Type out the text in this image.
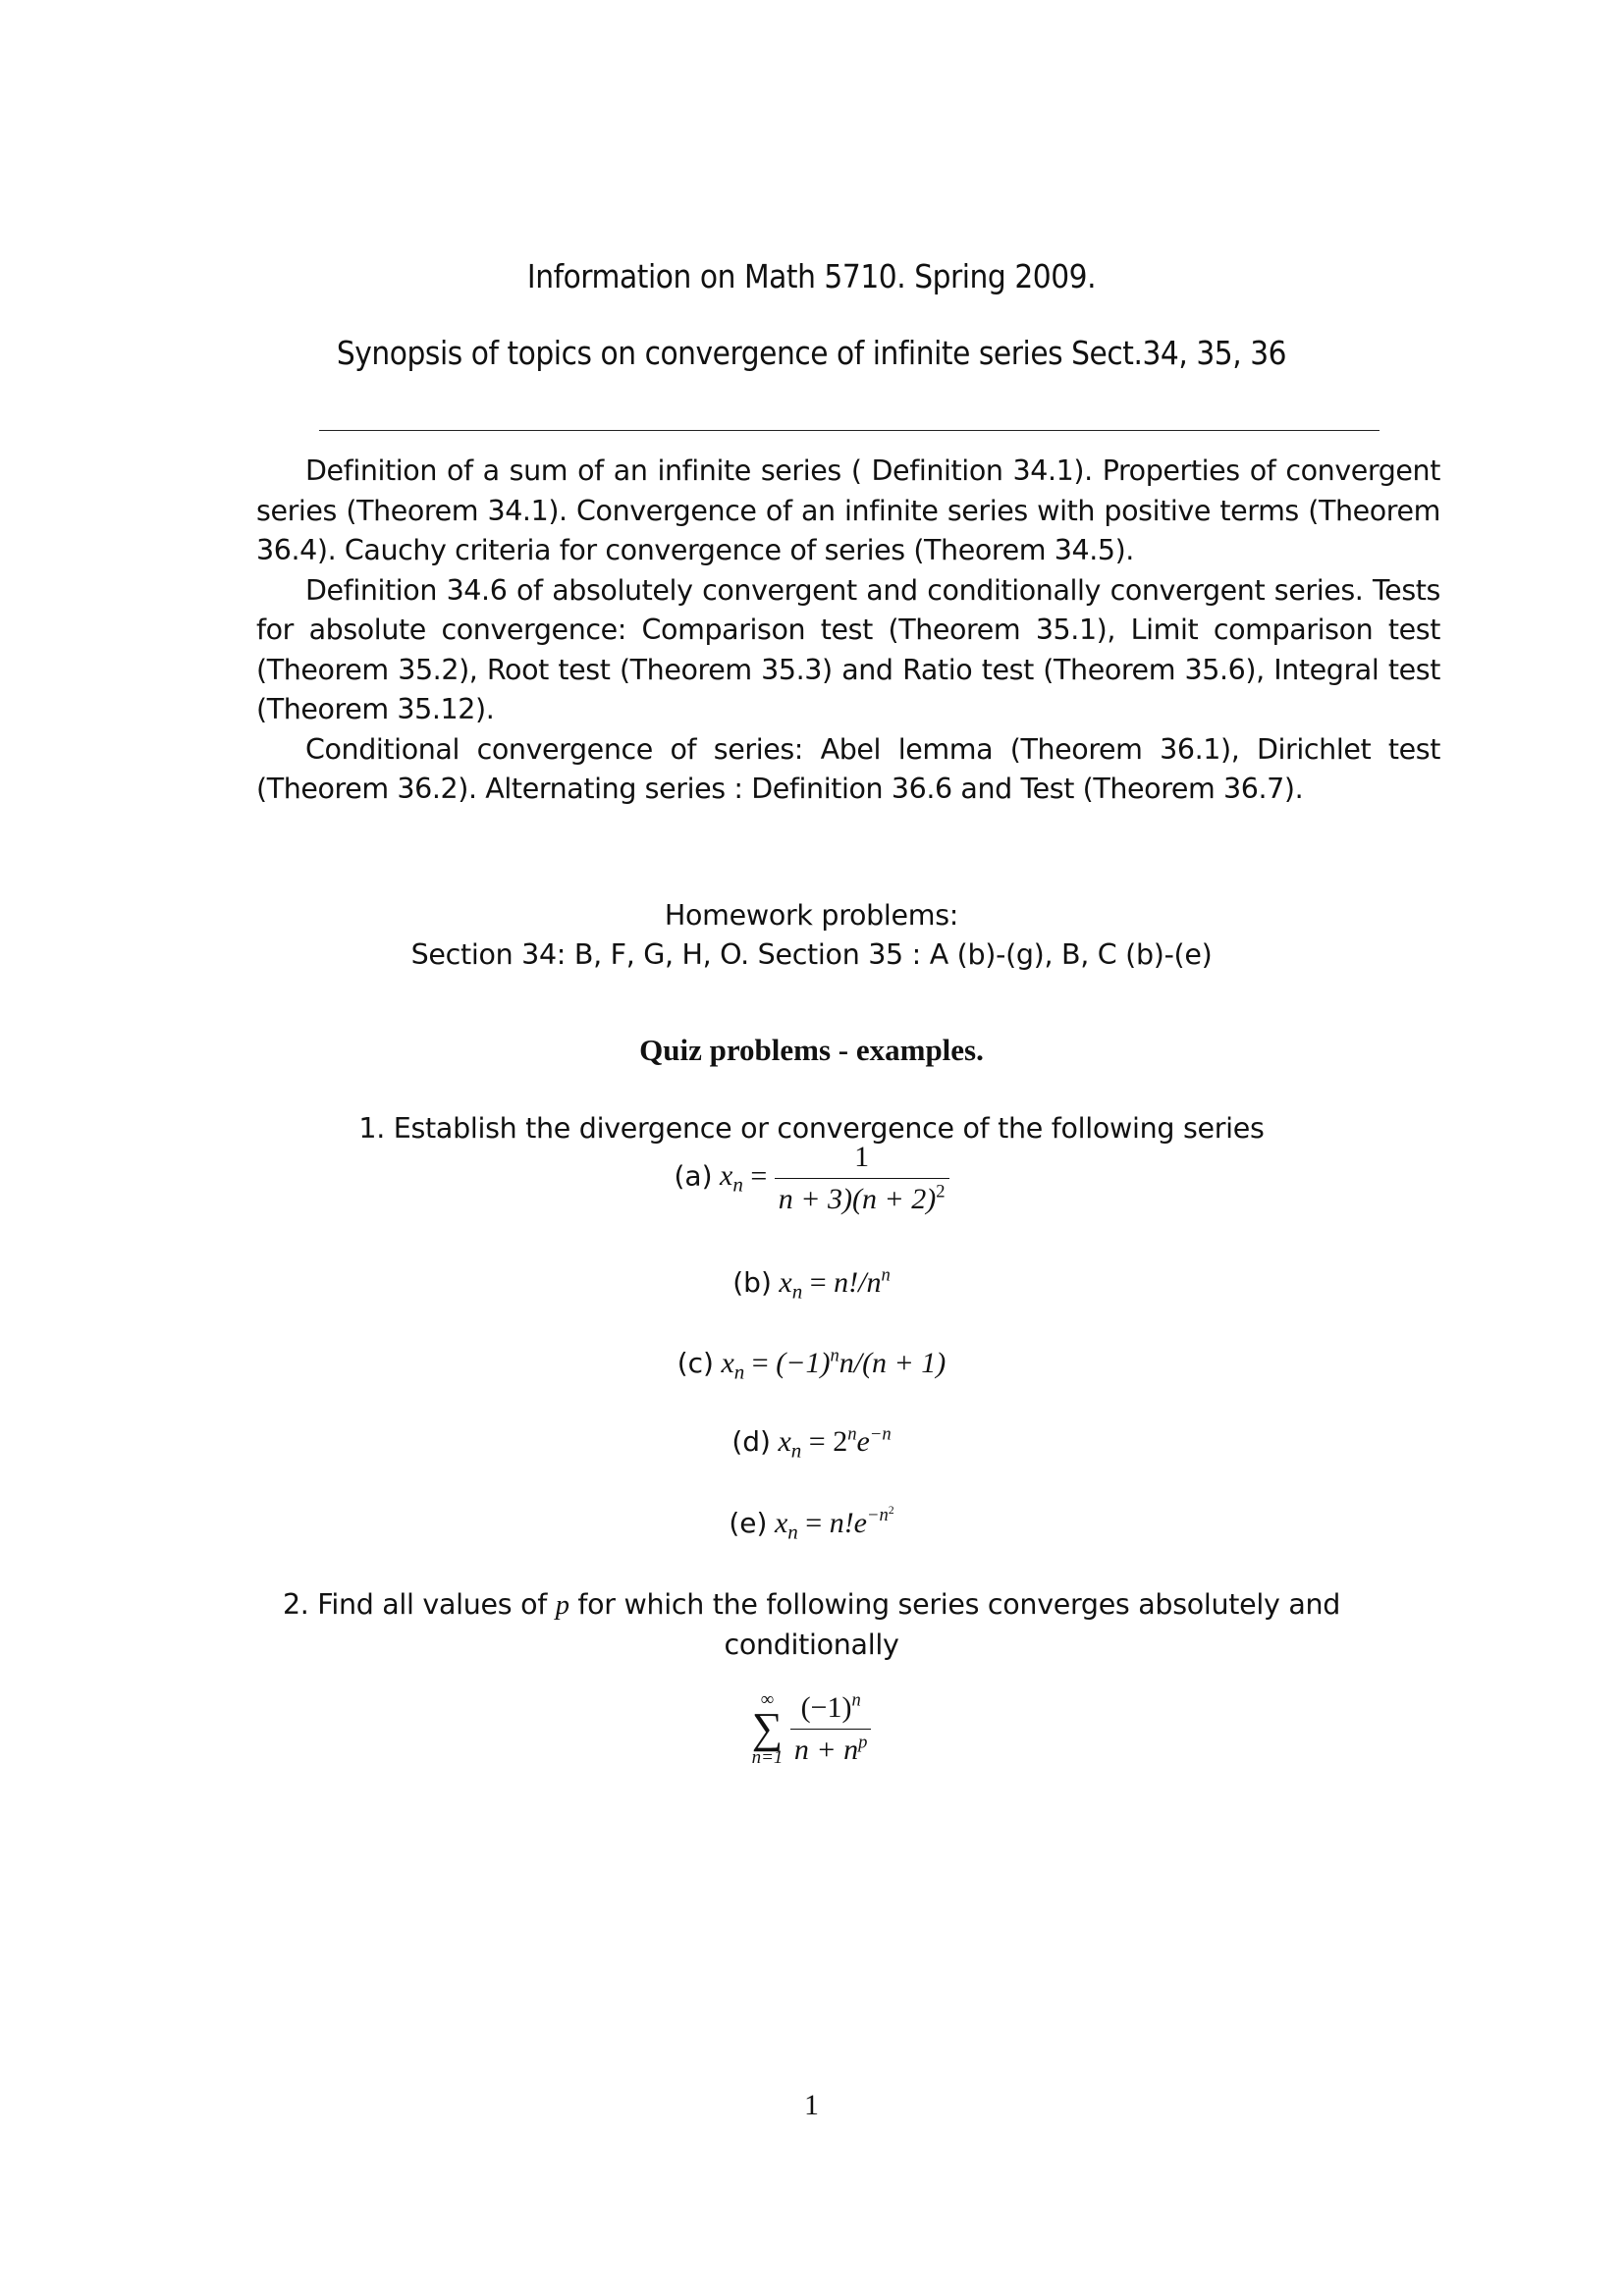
Information on Math 5710. Spring 2009.
Synopsis of topics on convergence of infinite series Sect.34, 35, 36

Definition of a sum of an infinite series ( Definition 34.1). Properties of convergent series (Theorem 34.1). Convergence of an infinite series with positive terms (Theorem 36.4). Cauchy criteria for convergence of series (Theorem 34.5).

Definition 34.6 of absolutely convergent and conditionally convergent series. Tests for absolute convergence: Comparison test (Theorem 35.1), Limit comparison test (Theorem 35.2), Root test (Theorem 35.3) and Ratio test (Theorem 35.6), Integral test (Theorem 35.12).

Conditional convergence of series: Abel lemma (Theorem 36.1), Dirichlet test (Theorem 36.2). Alternating series : Definition 36.6 and Test (Theorem 36.7).

Homework problems:
Section 34: B, F, G, H, O. Section 35 : A (b)-(g), B, C (b)-(e)
Quiz problems - examples.
1. Establish the divergence or convergence of the following series
(a) $x_n = \frac{1}{n + 3)(n + 2)^2}$
(b) $x_n = n!/n^n$
(c) $x_n = (-1)^nn/(n + 1)$
(d) $x_n = 2^ne^{-n}$
(e) $x_n = n!e^{-n^2}$
2. Find all values of p for which the following series converges absolutely and
conditionally
∞
∑
n=1
$\frac{(-1)^n}{n + n^p}$
1
